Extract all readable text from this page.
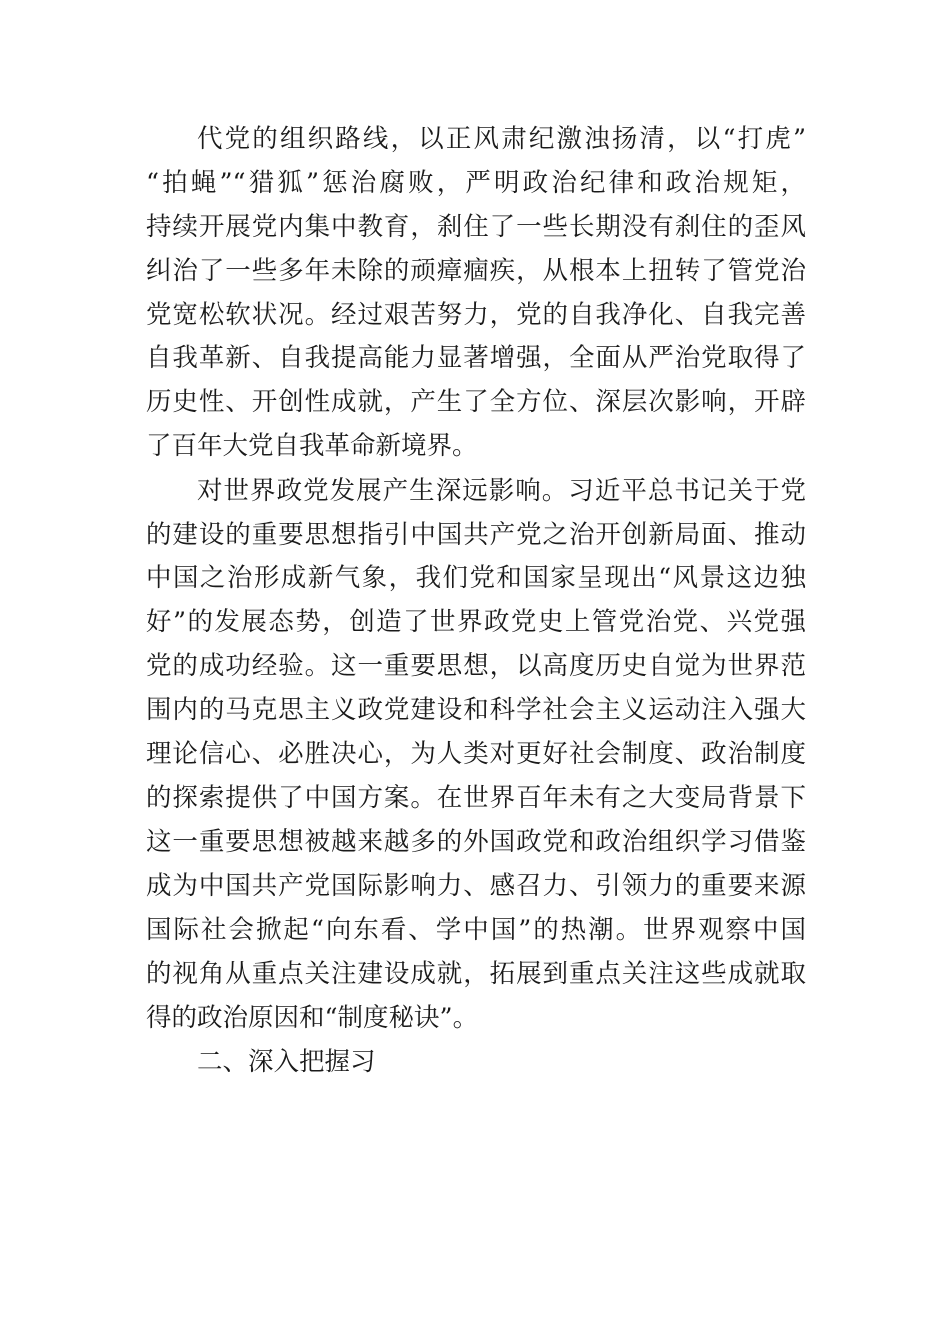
代党的组织路线，以正风肃纪激浊扬清，以“打虎”
“拍蝇”“猎狐”惩治腐败，严明政治纪律和政治规矩，
持续开展党内集中教育，刹住了一些长期没有刹住的歪风
纠治了一些多年未除的顽瘴痼疾，从根本上扭转了管党治
党宽松软状况。经过艰苦努力，党的自我净化、自我完善
自我革新、自我提高能力显著增强，全面从严治党取得了
历史性、开创性成就，产生了全方位、深层次影响，开辟
了百年大党自我革命新境界。
对世界政党发展产生深远影响。习近平总书记关于党
的建设的重要思想指引中国共产党之治开创新局面、推动
中国之治形成新气象，我们党和国家呈现出“风景这边独
好”的发展态势，创造了世界政党史上管党治党、兴党强
党的成功经验。这一重要思想，以高度历史自觉为世界范
围内的马克思主义政党建设和科学社会主义运动注入强大
理论信心、必胜决心，为人类对更好社会制度、政治制度
的探索提供了中国方案。在世界百年未有之大变局背景下
这一重要思想被越来越多的外国政党和政治组织学习借鉴
成为中国共产党国际影响力、感召力、引领力的重要来源
国际社会掀起“向东看、学中国”的热潮。世界观察中国
的视角从重点关注建设成就，拓展到重点关注这些成就取
得的政治原因和“制度秘诀”。
二、深入把握习
